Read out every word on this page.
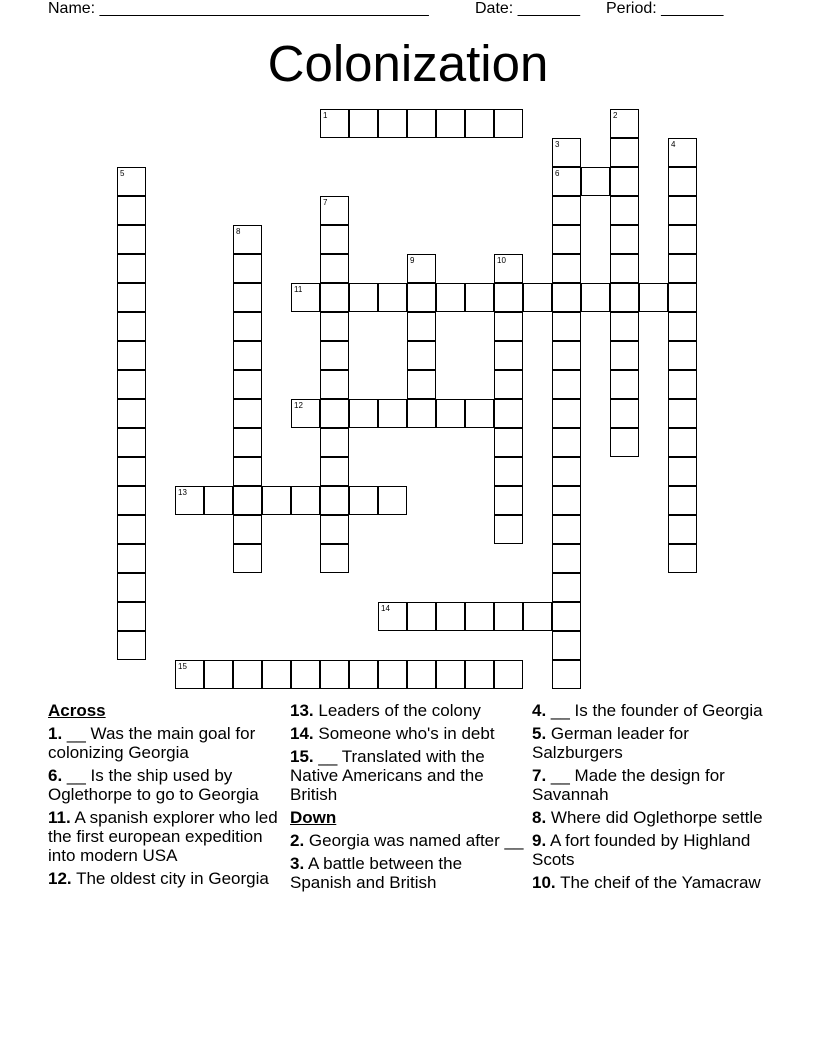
Name: _____________________________________	Date: _______ Period: _______
Colonization
1	2
3
6
4
5
7
8
9	10
11
12
13
14
15
Across
1. __ Was the main goal for colonizing Georgia
6. __ Is the ship used by Oglethorpe to go to Georgia
11. A spanish explorer who led the first european expedition into modern USA
12. The oldest city in Georgia
13. Leaders of the colony
14. Someone who's in debt
15. __ Translated with the Native Americans and the British
Down
2. Georgia was named after __
3. A battle between the Spanish and British
4. __ Is the founder of Georgia
5. German leader for Salzburgers
7. __ Made the design for Savannah
8. Where did Oglethorpe settle
9. A fort founded by Highland Scots
10. The cheif of the Yamacraw
